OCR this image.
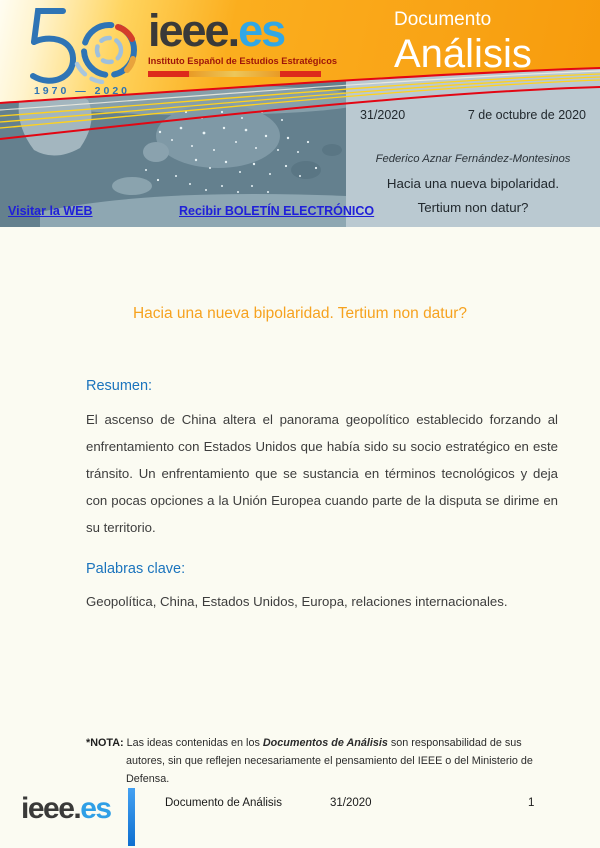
1970 — 2020
ieee.es
Instituto Español de Estudios Estratégicos
Documento
Análisis
Visitar la WEB	Recibir BOLETÍN ELECTRÓNICO
31/2020	7 de octubre de 2020
Federico Aznar Fernández-Montesinos
Hacia una nueva bipolaridad.
Tertium non datur?
Hacia una nueva bipolaridad. Tertium non datur?
Resumen:

El ascenso de China altera el panorama geopolítico establecido forzando al enfrentamiento con Estados Unidos que había sido su socio estratégico en este tránsito. Un enfrentamiento que se sustancia en términos tecnológicos y deja con pocas opciones a la Unión Europea cuando parte de la disputa se dirime en su territorio.

Palabras clave:

Geopolítica, China, Estados Unidos, Europa, relaciones internacionales.

*NOTA: Las ideas contenidas en los Documentos de Análisis son responsabilidad de sus autores, sin que reflejen necesariamente el pensamiento del IEEE o del Ministerio de Defensa.
ieee.es	Documento de Análisis	31/2020	1
